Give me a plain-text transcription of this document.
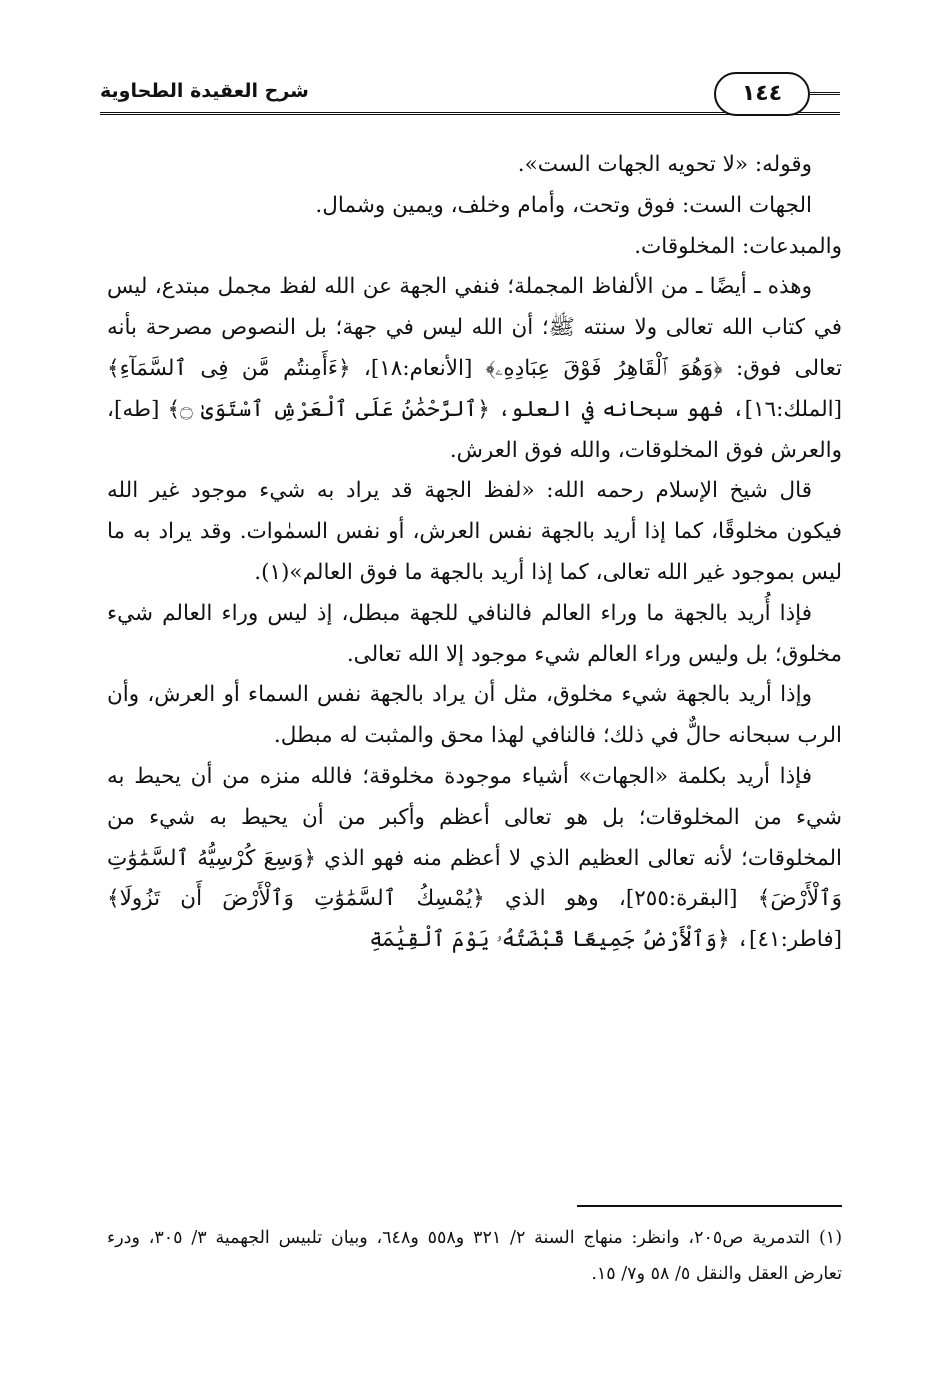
شرح العقيدة الطحاوية	١٤٤

وقوله: «لا تحويه الجهات الست».

الجهات الست: فوق وتحت، وأمام وخلف، ويمين وشمال.

والمبدعات: المخلوقات.

وهذه ـ أيضًا ـ من الألفاظ المجملة؛ فنفي الجهة عن الله لفظ مجمل مبتدع، ليس في كتاب الله تعالى ولا سنته ﷺ؛ أن الله ليس في جهة؛ بل النصوص مصرحة بأنه تعالى فوق: ﴿وَهُوَ ٱلْقَاهِرُ فَوْقَ عِبَادِهِۦ﴾ [الأنعام:١٨]، ﴿ءَأَمِنتُم مَّن فِى ٱلسَّمَآءِ﴾ [الملك:١٦]، فهو سبحانه في العلو، ﴿ٱلرَّحْمَٰنُ عَلَى ٱلْعَرْشِ ٱسْتَوَىٰ ۝﴾ [طه]، والعرش فوق المخلوقات، والله فوق العرش.

قال شيخ الإسلام رحمه الله: «لفظ الجهة قد يراد به شيء موجود غير الله فيكون مخلوقًا، كما إذا أريد بالجهة نفس العرش، أو نفس السمٰوات. وقد يراد به ما ليس بموجود غير الله تعالى، كما إذا أريد بالجهة ما فوق العالم»(١).

فإذا أُريد بالجهة ما وراء العالم فالنافي للجهة مبطل، إذ ليس وراء العالم شيء مخلوق؛ بل وليس وراء العالم شيء موجود إلا الله تعالى.

وإذا أريد بالجهة شيء مخلوق، مثل أن يراد بالجهة نفس السماء أو العرش، وأن الرب سبحانه حالٌّ في ذلك؛ فالنافي لهذا محق والمثبت له مبطل.

فإذا أريد بكلمة «الجهات» أشياء موجودة مخلوقة؛ فالله منزه من أن يحيط به شيء من المخلوقات؛ بل هو تعالى أعظم وأكبر من أن يحيط به شيء من المخلوقات؛ لأنه تعالى العظيم الذي لا أعظم منه فهو الذي ﴿وَسِعَ كُرْسِيُّهُ ٱلسَّمَٰوَٰتِ وَٱلْأَرْضَ﴾ [البقرة:٢٥٥]، وهو الذي ﴿يُمْسِكُ ٱلسَّمَٰوَٰتِ وَٱلْأَرْضَ أَن تَزُولَا﴾ [فاطر:٤١]، ﴿وَٱلْأَرْضُ جَمِيعًا قَبْضَتُهُۥ يَوْمَ ٱلْقِيَٰمَةِ

(١) التدمرية ص٢٠٥، وانظر: منهاج السنة ٢/ ٣٢١ و٥٥٨ و٦٤٨، وبيان تلبيس الجهمية ٣/ ٣٠٥، ودرء تعارض العقل والنقل ٥/ ٥٨ و٧/ ١٥.
